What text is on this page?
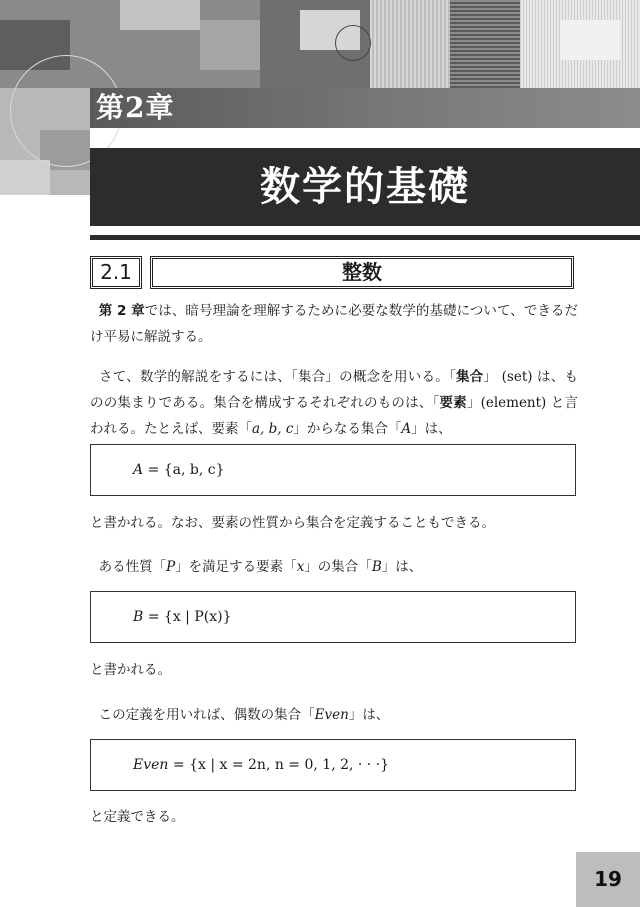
第2章
数学的基礎
2.1	整数
第 2 章では、暗号理論を理解するために必要な数学的基礎について、できるだけ平易に解説する。
さて、数学的解説をするには、「集合」の概念を用いる。「集合」 (set) は、ものの集まりである。集合を構成するそれぞれのものは、「要素」(element) と言われる。たとえば、要素「a, b, c」からなる集合「A」は、
A = {a, b, c}
と書かれる。なお、要素の性質から集合を定義することもできる。
ある性質「P」を満足する要素「x」の集合「B」は、
B = {x | P(x)}
と書かれる。
この定義を用いれば、偶数の集合「Even」は、
Even = {x | x = 2n, n = 0, 1, 2, · · ·}
と定義できる。
19
